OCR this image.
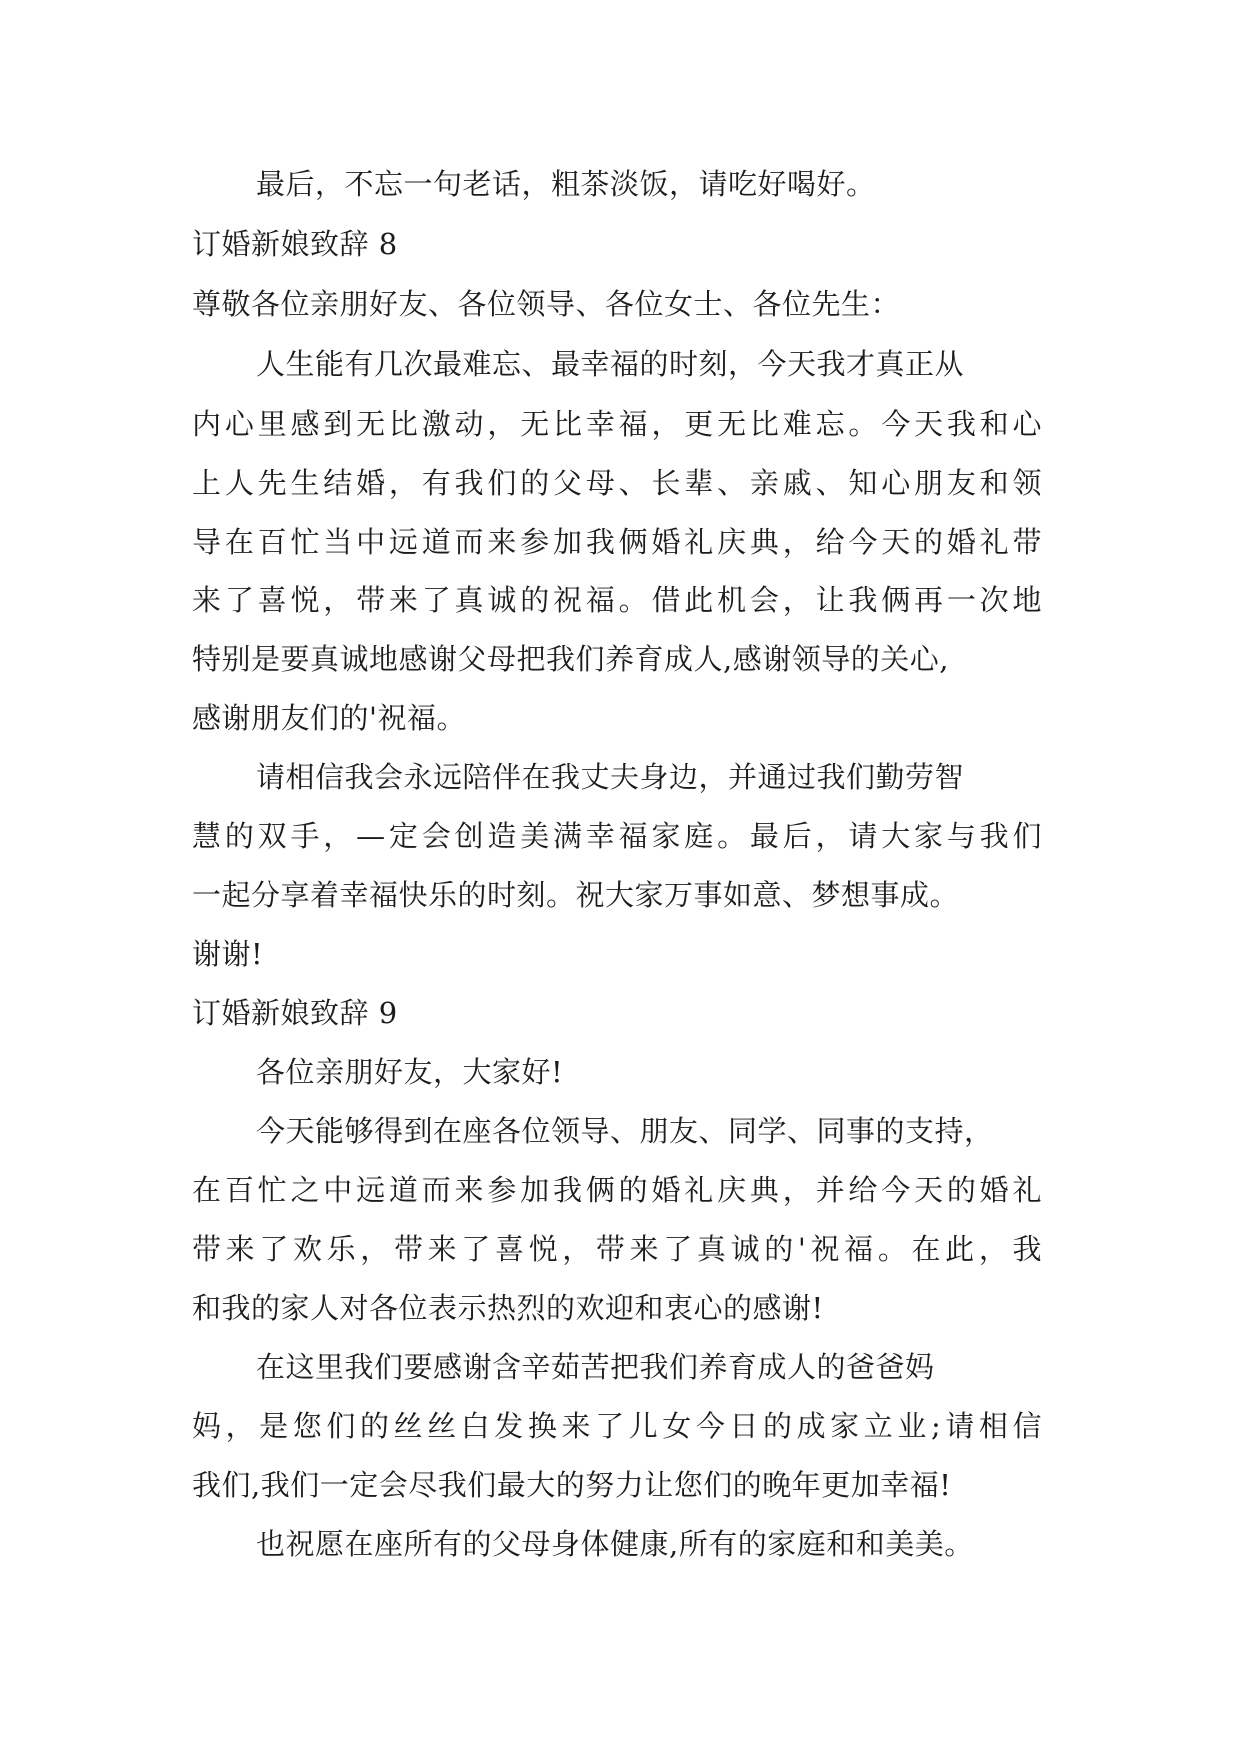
最后，不忘一句老话，粗茶淡饭，请吃好喝好。

订婚新娘致辞 8

尊敬各位亲朋好友、各位领导、各位女士、各位先生：

人生能有几次最难忘、最幸福的时刻，今天我才真正从

内心里感到无比激动，无比幸福，更无比难忘。今天我和心

上人先生结婚，有我们的父母、长辈、亲戚、知心朋友和领

导在百忙当中远道而来参加我俩婚礼庆典，给今天的婚礼带

来了喜悦，带来了真诚的祝福。借此机会，让我俩再一次地

特别是要真诚地感谢父母把我们养育成人,感谢领导的关心,

感谢朋友们的'祝福。

请相信我会永远陪伴在我丈夫身边，并通过我们勤劳智

慧的双手，—定会创造美满幸福家庭。最后，请大家与我们

一起分享着幸福快乐的时刻。祝大家万事如意、梦想事成。

谢谢!

订婚新娘致辞 9

各位亲朋好友，大家好!

今天能够得到在座各位领导、朋友、同学、同事的支持，

在百忙之中远道而来参加我俩的婚礼庆典，并给今天的婚礼

带来了欢乐，带来了喜悦，带来了真诚的'祝福。在此，我

和我的家人对各位表示热烈的欢迎和衷心的感谢!

在这里我们要感谢含辛茹苦把我们养育成人的爸爸妈

妈，是您们的丝丝白发换来了儿女今日的成家立业;请相信

我们,我们一定会尽我们最大的努力让您们的晚年更加幸福!

也祝愿在座所有的父母身体健康,所有的家庭和和美美。
